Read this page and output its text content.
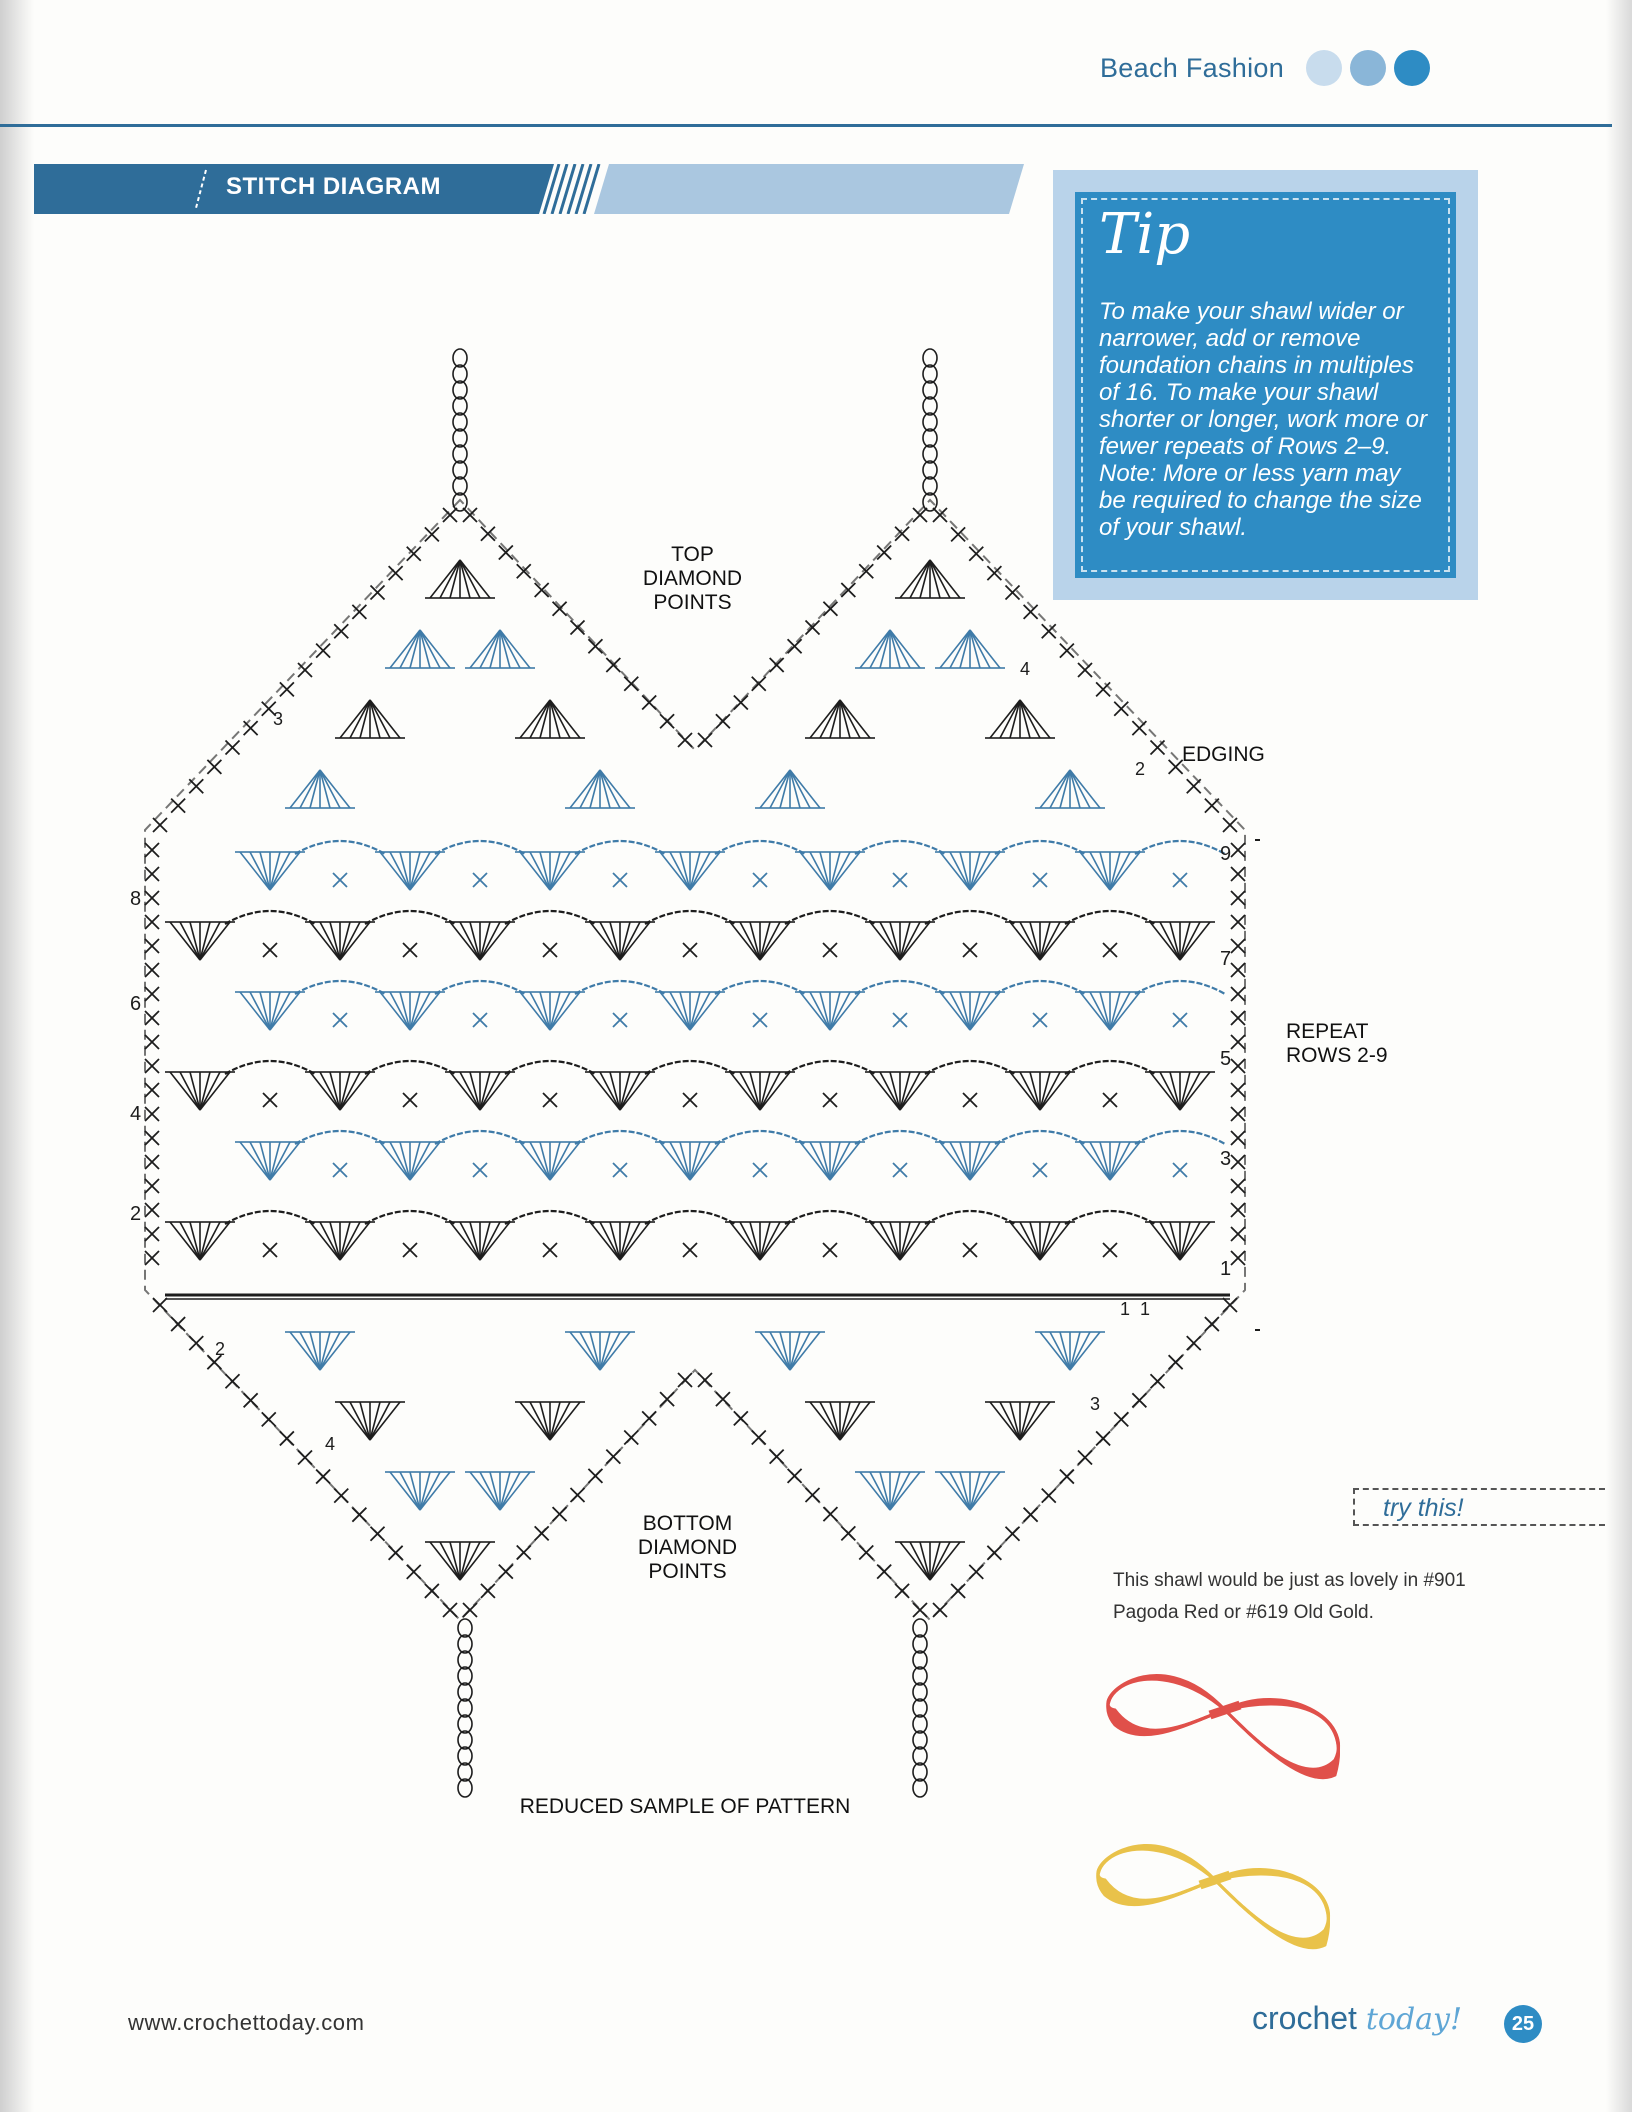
Beach Fashion
STITCH DIAGRAM
Tip
To make your shawl wider or narrower, add or remove foundation chains in multiples of 16. To make your shawl shorter or longer, work more or fewer repeats of Rows 2–9. Note: More or less yarn may be required to change the size of your shawl.
8
6
4
2
9
7
5
3
1
3
4
2
1 1
2
3
4
TOP DIAMOND POINTS
EDGING
REPEAT ROWS 2-9
BOTTOM DIAMOND POINTS
REDUCED SAMPLE OF PATTERN
try this!
This shawl would be just as lovely in #901 Pagoda Red or #619 Old Gold.
www.crochettoday.com	crochet today!	25
